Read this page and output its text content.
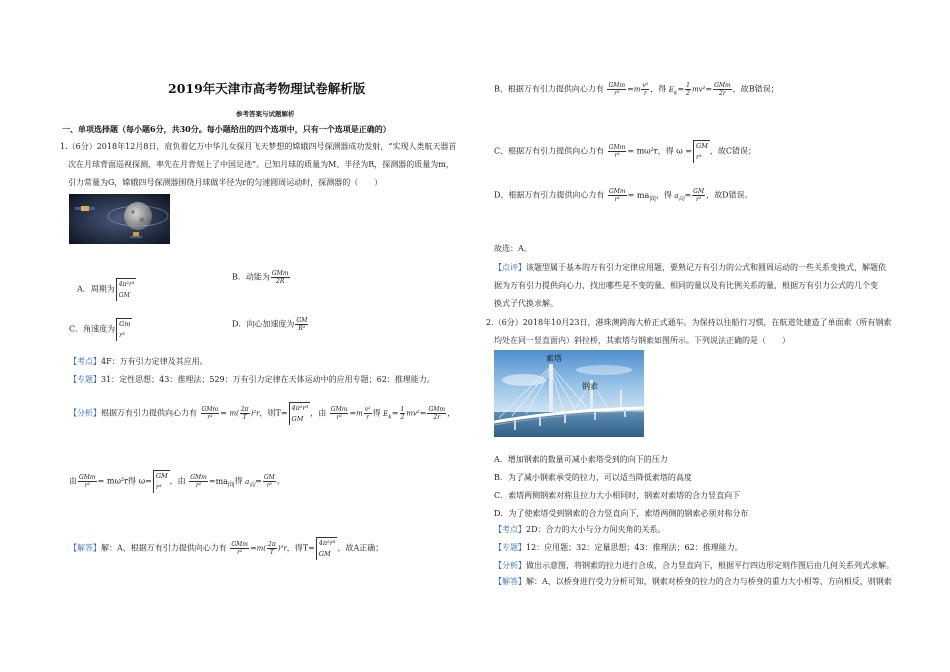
2019年天津市高考物理试卷解析版
参考答案与试题解析
一、单项选择题（每小题6分，共30分。每小题给出的四个选项中，只有一个选项是正确的）
1.（6分）2018年12月8日，肩负着亿万中华儿女探月飞天梦想的嫦娥四号探测器成功发射，“实现人类航天器首
次在月球背面巡视探测，率先在月背刻上了中国足迹”。已知月球的质量为M、半径为R，探测器的质量为m，
引力常量为G，嫦娥四号探测器围绕月球做半径为r的匀速圆周运动时，探测器的（　　）
A．周期为 4π²r³
GM
B．动能为 $\frac{\text{GMm}}{2R}$
C．角速度为Gm
r³
D．向心加速度为 $\frac{GM}{\text{R²}}$
【考点】4F：万有引力定律及其应用。
【专题】31：定性思想；43：推理法；529：万有引力定律在天体运动中的应用专题；62：推理能力。
【分析】根据万有引力提供向心力有 $\frac{\text{GMm}}{\text{r²}} = m( \frac{2\pi}{T} )^2r$，则T=4π²r³
GM，由 $\frac{\text{GMm}}{\text{r²}} =m \frac{\text{v²}}{r}$ 得 $E_k= \frac{1}{2} mv^2= \frac{\text{GMm}}{2r}$ ，
由 $\frac{\text{GMm}}{\text{r²}} = m\omega^2r$得 ω=GM
r³，由 $\frac{\text{GMm}}{\text{r²}} =ma_向$得 $a_向= \frac{GM}{\text{r²}}$ 。
【解答】解：A、根据万有引力提供向心力有 $\frac{\text{GMm}}{\text{r²}} =m( \frac{2\pi}{T} )^2r$，得T=4π²r³
GM，故A正确；
B、根据万有引力提供向心力有 $\frac{\text{GMm}}{\text{r²}} =m \frac{\text{v²}}{r}$ ，得 $E_k= \frac{1}{2} mv^2= \frac{\text{GMm}}{2r}$ ，故B错误；
C、根据万有引力提供向心力有 $\frac{\text{GMm}}{\text{r²}} = m\omega^2r$，得 ω =GM
r³，故C错误；
D、根据万有引力提供向心力有 $\frac{\text{GMm}}{\text{r²}} = ma_向$，得 $a_向= \frac{GM}{\text{r²}}$ ，故D错误。
故选：A。
【点评】该题型属于基本的万有引力定律应用题，要熟记万有引力的公式和圆周运动的一些关系变换式，解题依
据为万有引力提供向心力，找出哪些是不变的量、相同的量以及有比例关系的量，根据万有引力公式的几个变
换式子代换求解。
2.（6分）2018年10月23日，港珠澳跨海大桥正式通车。为保持以往船行习惯，在航道处建造了单面索（所有钢索
均处在同一竖直面内）斜拉桥，其索塔与钢索如图所示。下列说法正确的是（　　）
索塔
钢索
A．增加钢索的数量可减小索塔受到的向下的压力
B．为了减小钢索承受的拉力，可以适当降低索塔的高度
C．索塔两侧钢索对称且拉力大小相同时，钢索对索塔的合力竖直向下
D．为了使索塔受到钢索的合力竖直向下，索塔两侧的钢索必须对称分布
【考点】2D：合力的大小与分力间夹角的关系。
【专题】12：应用题；32：定量思想；43：推理法；62：推理能力。
【分析】做出示意图，将钢索的拉力进行合成，合力竖直向下，根据平行四边形定则作图后由几何关系列式求解。
【解答】解：A、以桥身进行受力分析可知，钢索对桥身的拉力的合力与桥身的重力大小相等、方向相反，则钢索
